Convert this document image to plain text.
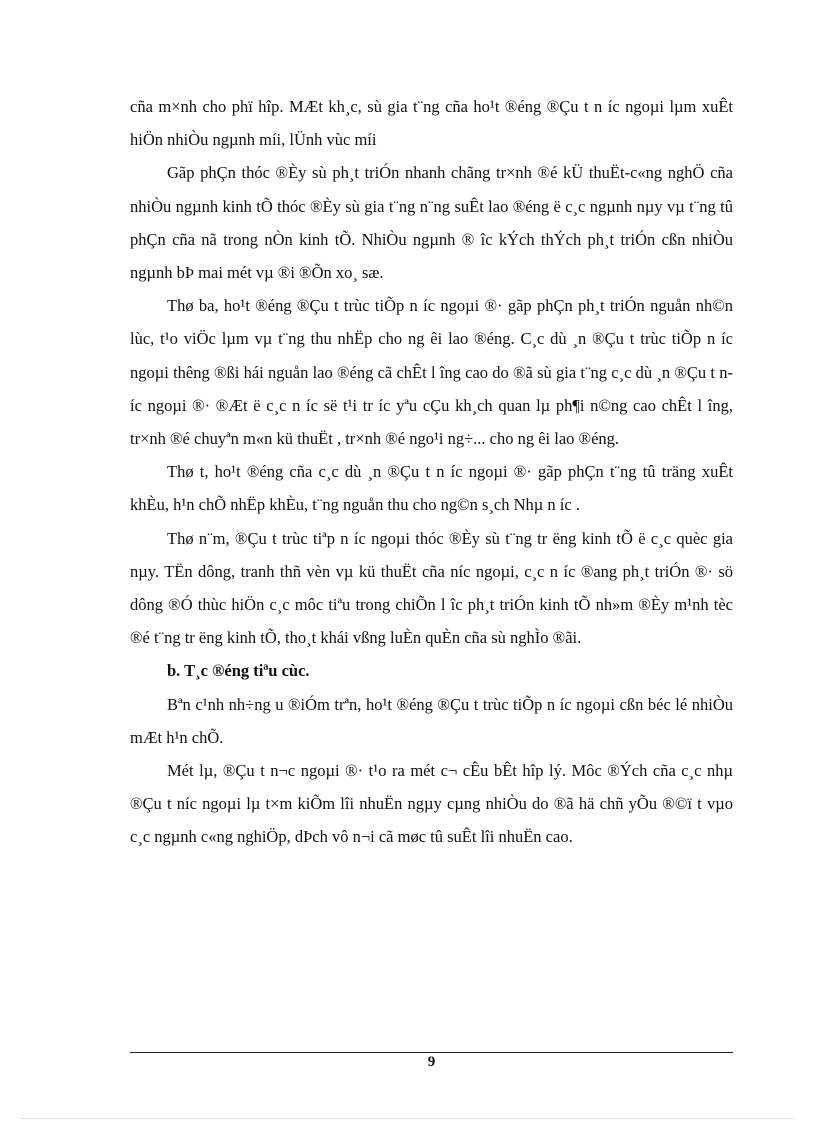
cña m×nh cho phï hîp. MÆt kh¸c, sù gia t¨ng cña ho¹t ®éng ®Çu t n íc ngoµi lµm xuÊt hiÖn nhiÒu ngµnh míi, lÜnh vùc míi

Gãp phÇn thóc ®Èy sù ph¸t triÓn nhanh chãng tr×nh ®é kÜ thuËt-c«ng nghÖ cña nhiÒu ngµnh kinh tÕ thóc ®Èy sù gia t¨ng n¨ng suÊt lao ®éng ë c¸c ngµnh nµy vµ t¨ng tû phÇn cña nã trong nÒn kinh tÕ. NhiÒu ngµnh ® îc kÝch thÝch ph¸t triÓn cßn nhiÒu ngµnh bÞ mai mét vµ ®i ®Õn xo¸ sæ.

Thø ba, ho¹t ®éng ®Çu t trùc tiÕp n íc ngoµi ®· gãp phÇn ph¸t triÓn nguån nh©n lùc, t¹o viÖc lµm vµ t¨ng thu nhËp cho ng êi lao ®éng. C¸c dù ¸n ®Çu t trùc tiÕp n íc ngoµi thêng ®ßi hái nguån lao ®éng cã chÊt l îng cao do ®ã sù gia t¨ng c¸c dù ¸n ®Çu t níc ngoµi ®· ®Æt ë c¸c n íc së t¹i tr íc yªu cÇu kh¸ch quan lµ ph¶i n©ng cao chÊt l îng, tr×nh ®é chuyªn m«n kü thuËt , tr×nh ®é ngo¹i ng÷... cho ng êi lao ®éng.

Thø t, ho¹t ®éng cña c¸c dù ¸n ®Çu t n íc ngoµi ®· gãp phÇn t¨ng tû träng xuÊt khÈu, h¹n chÕ nhËp khÈu, t¨ng nguån thu cho ng©n s¸ch Nhµ n íc .

Thø n¨m, ®Çu t trùc tiªp n íc ngoµi thóc ®Èy sù t¨ng tr ëng kinh tÕ ë c¸c quèc gia nµy. TËn dông, tranh thñ vèn vµ kü thuËt cña níc ngoµi, c¸c n íc ®ang ph¸t triÓn ®· sö dông ®Ó thùc hiÖn c¸c môc tiªu trong chiÕn l îc ph¸t triÓn kinh tÕ nh»m ®Èy m¹nh tèc ®é t¨ng tr ëng kinh tÕ, tho¸t khái vßng luÈn quÈn cña sù nghÌo ®ãi.

b. T¸c ®éng tiªu cùc.

Bªn c¹nh nh÷ng u ®iÓm trªn, ho¹t ®éng ®Çu t trùc tiÕp n íc ngoµi cßn béc lé nhiÒu mÆt h¹n chÕ.

Mét lµ, ®Çu t n¬c ngoµi ®· t¹o ra mét c¬ cÊu bÊt hîp lý. Môc ®Ých cña c¸c nhµ ®Çu t níc ngoµi lµ t×m kiÕm lîi nhuËn ngµy cµng nhiÒu do ®ã hä chñ yÕu ®©ï t vµo c¸c ngµnh c«ng nghiÖp, dÞch vô n¬i cã møc tû suÊt lîi nhuËn cao.

9
